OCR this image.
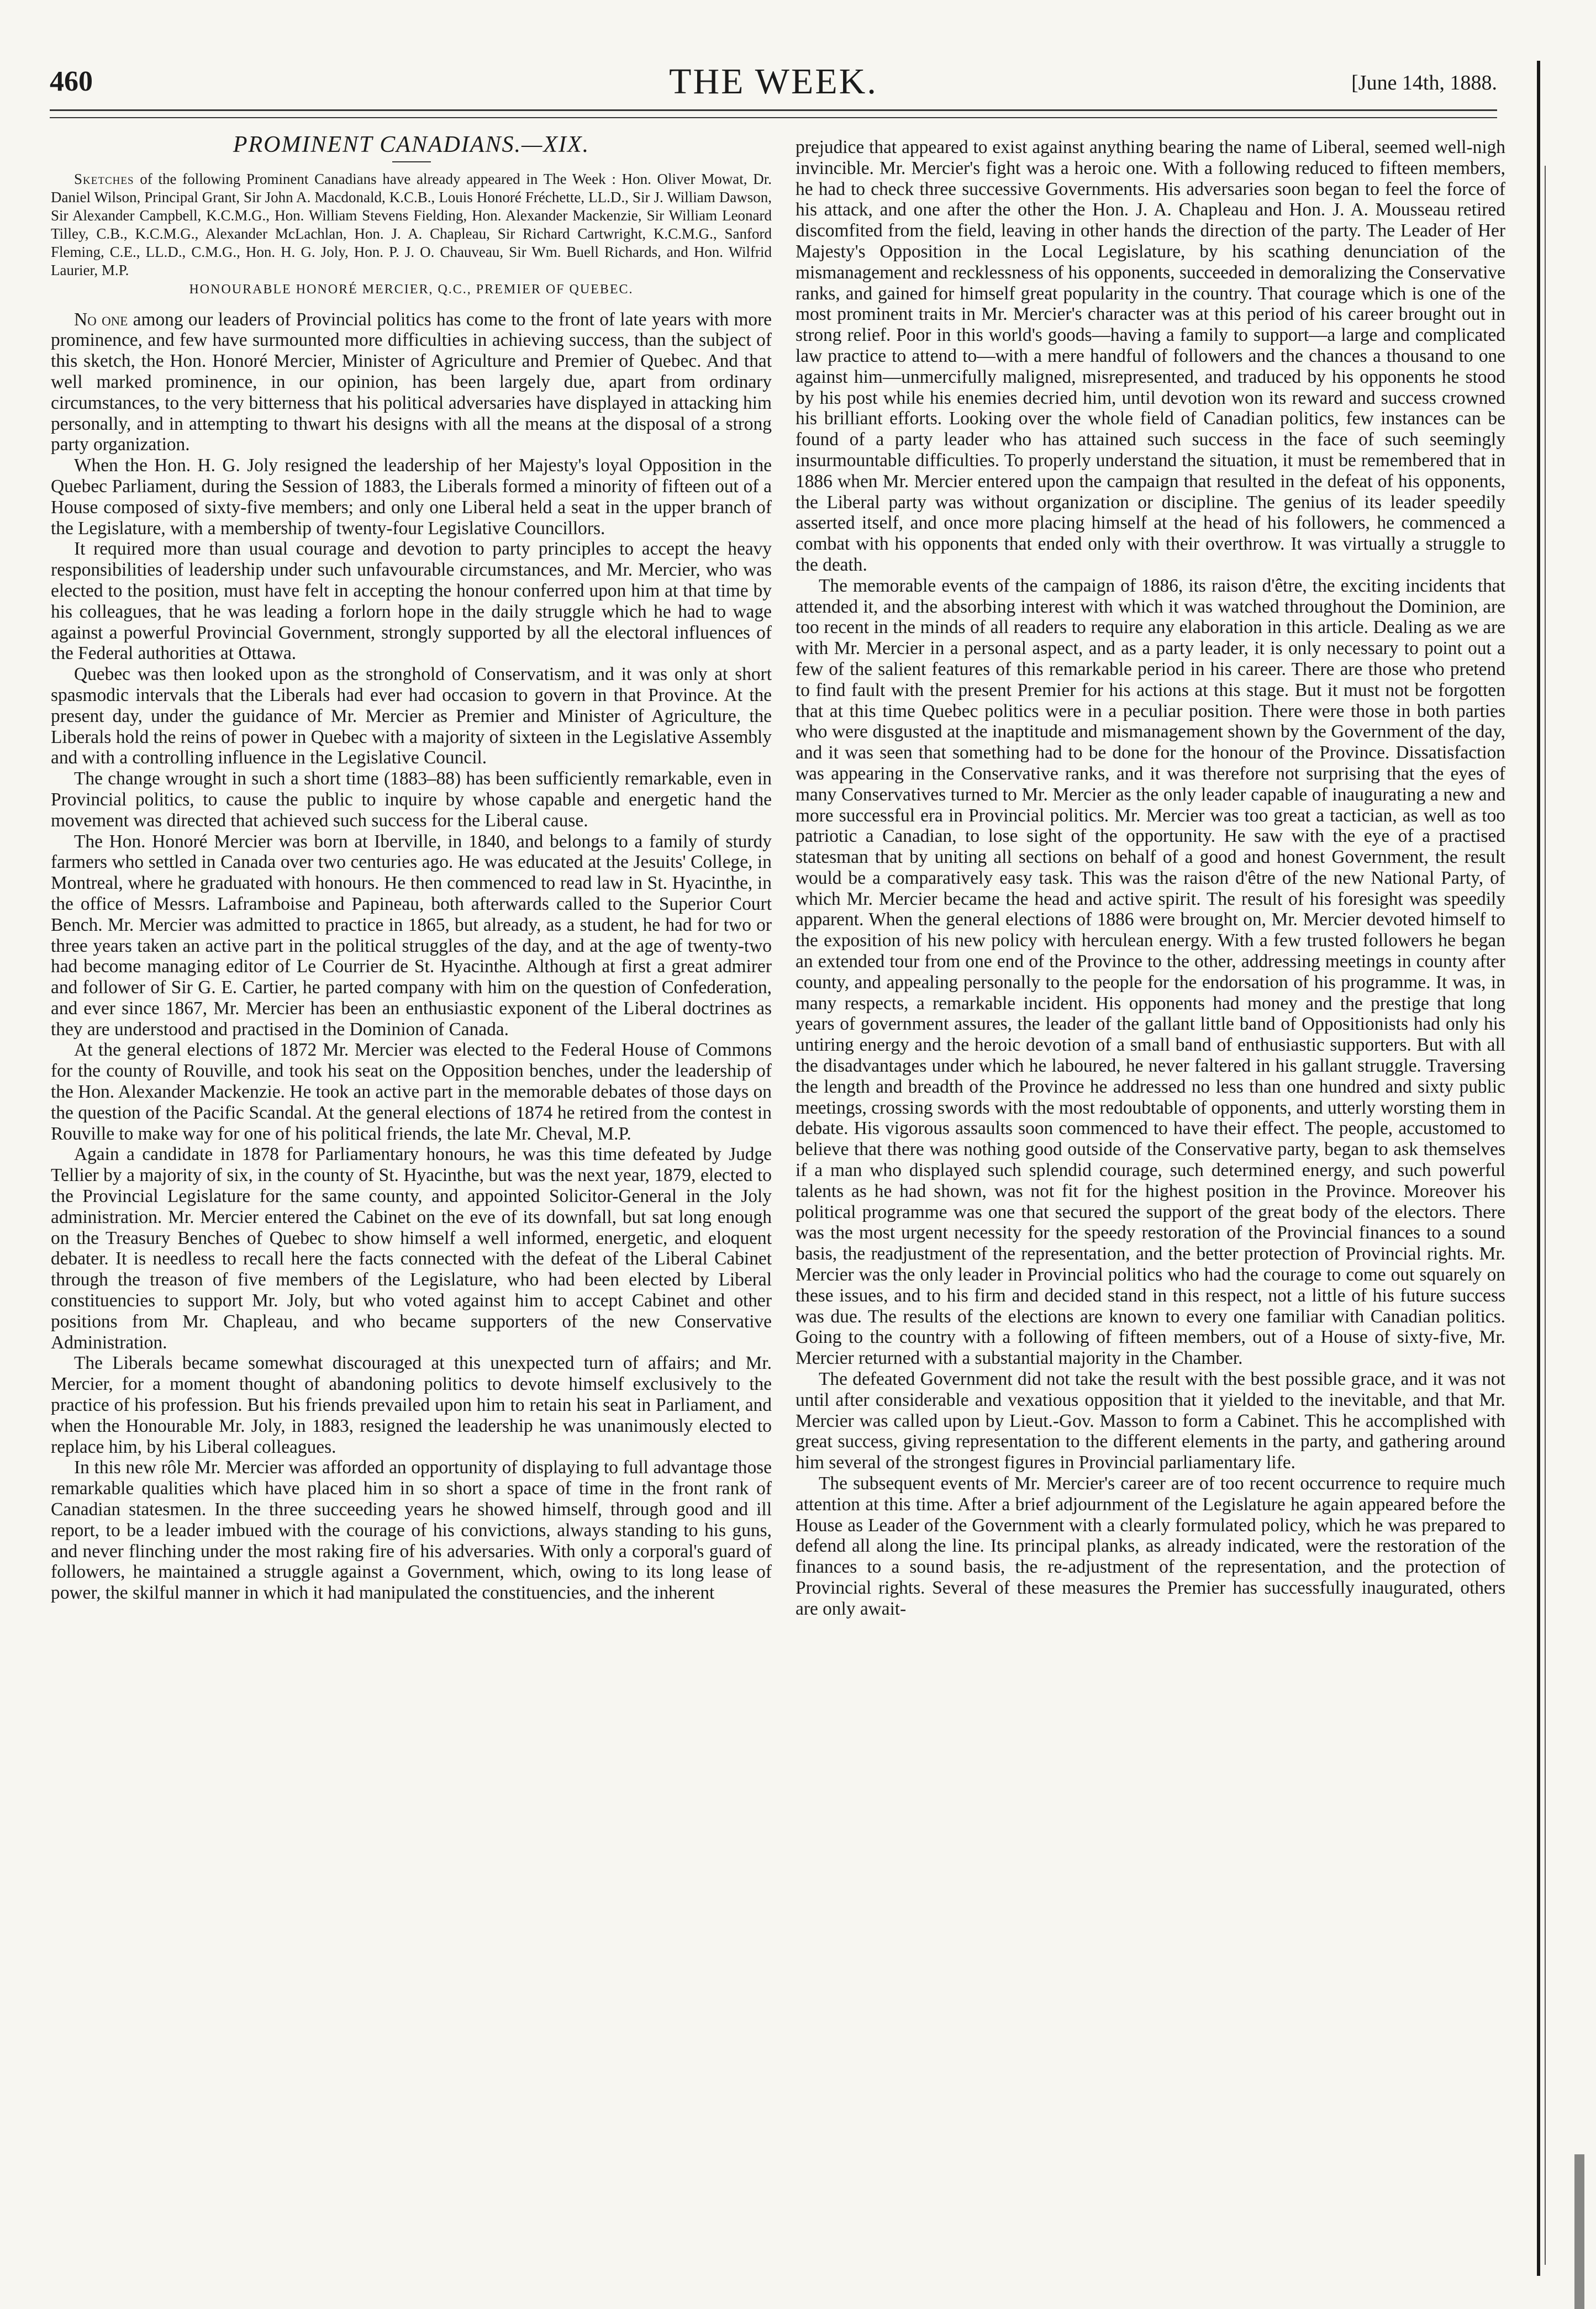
460	THE WEEK.	[June 14th, 1888.
PROMINENT CANADIANS.—XIX.

Sketches of the following Prominent Canadians have already appeared in The Week : Hon. Oliver Mowat, Dr. Daniel Wilson, Principal Grant, Sir John A. Macdonald, K.C.B., Louis Honoré Fréchette, LL.D., Sir J. William Dawson, Sir Alexander Campbell, K.C.M.G., Hon. William Stevens Fielding, Hon. Alexander Mackenzie, Sir William Leonard Tilley, C.B., K.C.M.G., Alexander McLachlan, Hon. J. A. Chapleau, Sir Richard Cartwright, K.C.M.G., Sanford Fleming, C.E., LL.D., C.M.G., Hon. H. G. Joly, Hon. P. J. O. Chauveau, Sir Wm. Buell Richards, and Hon. Wilfrid Laurier, M.P.

HONOURABLE HONORÉ MERCIER, Q.C., PREMIER OF QUEBEC.

No one among our leaders of Provincial politics has come to the front of late years with more prominence, and few have surmounted more difficulties in achieving success, than the subject of this sketch, the Hon. Honoré Mercier, Minister of Agriculture and Premier of Quebec. And that well marked prominence, in our opinion, has been largely due, apart from ordinary circumstances, to the very bitterness that his political adversaries have displayed in attacking him personally, and in attempting to thwart his designs with all the means at the disposal of a strong party organization.

When the Hon. H. G. Joly resigned the leadership of her Majesty's loyal Opposition in the Quebec Parliament, during the Session of 1883, the Liberals formed a minority of fifteen out of a House composed of sixty-five members; and only one Liberal held a seat in the upper branch of the Legislature, with a membership of twenty-four Legislative Councillors.

It required more than usual courage and devotion to party principles to accept the heavy responsibilities of leadership under such unfavourable circumstances, and Mr. Mercier, who was elected to the position, must have felt in accepting the honour conferred upon him at that time by his colleagues, that he was leading a forlorn hope in the daily struggle which he had to wage against a powerful Provincial Government, strongly supported by all the electoral influences of the Federal authorities at Ottawa.

Quebec was then looked upon as the stronghold of Conservatism, and it was only at short spasmodic intervals that the Liberals had ever had occasion to govern in that Province. At the present day, under the guidance of Mr. Mercier as Premier and Minister of Agriculture, the Liberals hold the reins of power in Quebec with a majority of sixteen in the Legislative Assembly and with a controlling influence in the Legislative Council.

The change wrought in such a short time (1883–88) has been sufficiently remarkable, even in Provincial politics, to cause the public to inquire by whose capable and energetic hand the movement was directed that achieved such success for the Liberal cause.

The Hon. Honoré Mercier was born at Iberville, in 1840, and belongs to a family of sturdy farmers who settled in Canada over two centuries ago. He was educated at the Jesuits' College, in Montreal, where he graduated with honours. He then commenced to read law in St. Hyacinthe, in the office of Messrs. Laframboise and Papineau, both afterwards called to the Superior Court Bench. Mr. Mercier was admitted to practice in 1865, but already, as a student, he had for two or three years taken an active part in the political struggles of the day, and at the age of twenty-two had become managing editor of Le Courrier de St. Hyacinthe. Although at first a great admirer and follower of Sir G. E. Cartier, he parted company with him on the question of Confederation, and ever since 1867, Mr. Mercier has been an enthusiastic exponent of the Liberal doctrines as they are understood and practised in the Dominion of Canada.

At the general elections of 1872 Mr. Mercier was elected to the Federal House of Commons for the county of Rouville, and took his seat on the Opposition benches, under the leadership of the Hon. Alexander Mackenzie. He took an active part in the memorable debates of those days on the question of the Pacific Scandal. At the general elections of 1874 he retired from the contest in Rouville to make way for one of his political friends, the late Mr. Cheval, M.P.

Again a candidate in 1878 for Parliamentary honours, he was this time defeated by Judge Tellier by a majority of six, in the county of St. Hyacinthe, but was the next year, 1879, elected to the Provincial Legislature for the same county, and appointed Solicitor-General in the Joly administration. Mr. Mercier entered the Cabinet on the eve of its downfall, but sat long enough on the Treasury Benches of Quebec to show himself a well informed, energetic, and eloquent debater. It is needless to recall here the facts connected with the defeat of the Liberal Cabinet through the treason of five members of the Legislature, who had been elected by Liberal constituencies to support Mr. Joly, but who voted against him to accept Cabinet and other positions from Mr. Chapleau, and who became supporters of the new Conservative Administration.

The Liberals became somewhat discouraged at this unexpected turn of affairs; and Mr. Mercier, for a moment thought of abandoning politics to devote himself exclusively to the practice of his profession. But his friends prevailed upon him to retain his seat in Parliament, and when the Honourable Mr. Joly, in 1883, resigned the leadership he was unanimously elected to replace him, by his Liberal colleagues.

In this new rôle Mr. Mercier was afforded an opportunity of displaying to full advantage those remarkable qualities which have placed him in so short a space of time in the front rank of Canadian statesmen. In the three succeeding years he showed himself, through good and ill report, to be a leader imbued with the courage of his convictions, always standing to his guns, and never flinching under the most raking fire of his adversaries. With only a corporal's guard of followers, he maintained a struggle against a Government, which, owing to its long lease of power, the skilful manner in which it had manipulated the constituencies, and the inherent

prejudice that appeared to exist against anything bearing the name of Liberal, seemed well-nigh invincible. Mr. Mercier's fight was a heroic one. With a following reduced to fifteen members, he had to check three successive Governments. His adversaries soon began to feel the force of his attack, and one after the other the Hon. J. A. Chapleau and Hon. J. A. Mousseau retired discomfited from the field, leaving in other hands the direction of the party. The Leader of Her Majesty's Opposition in the Local Legislature, by his scathing denunciation of the mismanagement and recklessness of his opponents, succeeded in demoralizing the Conservative ranks, and gained for himself great popularity in the country. That courage which is one of the most prominent traits in Mr. Mercier's character was at this period of his career brought out in strong relief. Poor in this world's goods—having a family to support—a large and complicated law practice to attend to—with a mere handful of followers and the chances a thousand to one against him—unmercifully maligned, misrepresented, and traduced by his opponents he stood by his post while his enemies decried him, until devotion won its reward and success crowned his brilliant efforts. Looking over the whole field of Canadian politics, few instances can be found of a party leader who has attained such success in the face of such seemingly insurmountable difficulties. To properly understand the situation, it must be remembered that in 1886 when Mr. Mercier entered upon the campaign that resulted in the defeat of his opponents, the Liberal party was without organization or discipline. The genius of its leader speedily asserted itself, and once more placing himself at the head of his followers, he commenced a combat with his opponents that ended only with their overthrow. It was virtually a struggle to the death.

The memorable events of the campaign of 1886, its raison d'être, the exciting incidents that attended it, and the absorbing interest with which it was watched throughout the Dominion, are too recent in the minds of all readers to require any elaboration in this article. Dealing as we are with Mr. Mercier in a personal aspect, and as a party leader, it is only necessary to point out a few of the salient features of this remarkable period in his career. There are those who pretend to find fault with the present Premier for his actions at this stage. But it must not be forgotten that at this time Quebec politics were in a peculiar position. There were those in both parties who were disgusted at the inaptitude and mismanagement shown by the Government of the day, and it was seen that something had to be done for the honour of the Province. Dissatisfaction was appearing in the Conservative ranks, and it was therefore not surprising that the eyes of many Conservatives turned to Mr. Mercier as the only leader capable of inaugurating a new and more successful era in Provincial politics. Mr. Mercier was too great a tactician, as well as too patriotic a Canadian, to lose sight of the opportunity. He saw with the eye of a practised statesman that by uniting all sections on behalf of a good and honest Government, the result would be a comparatively easy task. This was the raison d'être of the new National Party, of which Mr. Mercier became the head and active spirit. The result of his foresight was speedily apparent. When the general elections of 1886 were brought on, Mr. Mercier devoted himself to the exposition of his new policy with herculean energy. With a few trusted followers he began an extended tour from one end of the Province to the other, addressing meetings in county after county, and appealing personally to the people for the endorsation of his programme. It was, in many respects, a remarkable incident. His opponents had money and the prestige that long years of government assures, the leader of the gallant little band of Oppositionists had only his untiring energy and the heroic devotion of a small band of enthusiastic supporters. But with all the disadvantages under which he laboured, he never faltered in his gallant struggle. Traversing the length and breadth of the Province he addressed no less than one hundred and sixty public meetings, crossing swords with the most redoubtable of opponents, and utterly worsting them in debate. His vigorous assaults soon commenced to have their effect. The people, accustomed to believe that there was nothing good outside of the Conservative party, began to ask themselves if a man who displayed such splendid courage, such determined energy, and such powerful talents as he had shown, was not fit for the highest position in the Province. Moreover his political programme was one that secured the support of the great body of the electors. There was the most urgent necessity for the speedy restoration of the Provincial finances to a sound basis, the readjustment of the representation, and the better protection of Provincial rights. Mr. Mercier was the only leader in Provincial politics who had the courage to come out squarely on these issues, and to his firm and decided stand in this respect, not a little of his future success was due. The results of the elections are known to every one familiar with Canadian politics. Going to the country with a following of fifteen members, out of a House of sixty-five, Mr. Mercier returned with a substantial majority in the Chamber.

The defeated Government did not take the result with the best possible grace, and it was not until after considerable and vexatious opposition that it yielded to the inevitable, and that Mr. Mercier was called upon by Lieut.-Gov. Masson to form a Cabinet. This he accomplished with great success, giving representation to the different elements in the party, and gathering around him several of the strongest figures in Provincial parliamentary life.

The subsequent events of Mr. Mercier's career are of too recent occurrence to require much attention at this time. After a brief adjournment of the Legislature he again appeared before the House as Leader of the Government with a clearly formulated policy, which he was prepared to defend all along the line. Its principal planks, as already indicated, were the restoration of the finances to a sound basis, the re-adjustment of the representation, and the protection of Provincial rights. Several of these measures the Premier has successfully inaugurated, others are only await-
